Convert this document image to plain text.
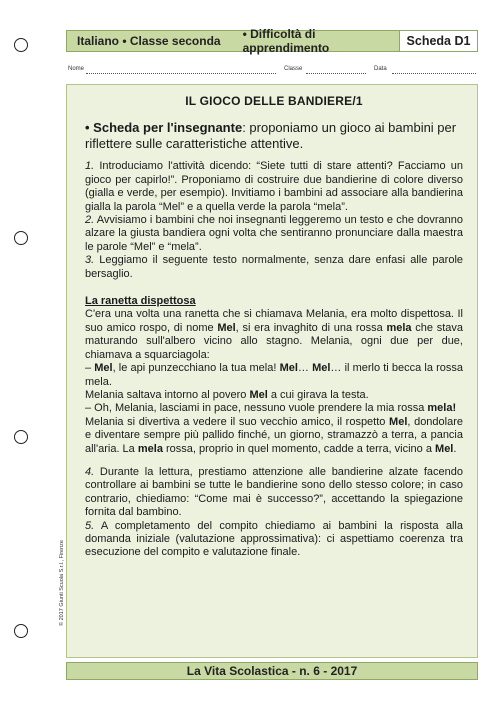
Italiano • Classe seconda	• Difficoltà di apprendimento	Scheda D1
Nome	Classe	Data
IL GIOCO DELLE BANDIERE/1
• Scheda per l'insegnante: proponiamo un gioco ai bambini per riflettere sulle caratteristiche attentive.
1. Introduciamo l'attività dicendo: “Siete tutti di stare attenti? Facciamo un gioco per capirlo!”. Proponiamo di costruire due bandierine di colore diverso (gialla e verde, per esempio). Invitiamo i bambini ad associare alla bandierina gialla la parola “Mel” e a quella verde la parola “mela”.
2. Avvisiamo i bambini che noi insegnanti leggeremo un testo e che dovranno alzare la giusta bandiera ogni volta che sentiranno pronunciare dalla maestra le parole “Mel” e “mela”.
3. Leggiamo il seguente testo normalmente, senza dare enfasi alle parole bersaglio.
La ranetta dispettosa
C'era una volta una ranetta che si chiamava Melania, era molto dispettosa. Il suo amico rospo, di nome Mel, si era invaghito di una rossa mela che stava maturando sull'albero vicino allo stagno. Melania, ogni due per due, chiamava a squarciagola:
– Mel, le api punzecchiano la tua mela! Mel… Mel… il merlo ti becca la rossa mela.
Melania saltava intorno al povero Mel a cui girava la testa.
– Oh, Melania, lasciami in pace, nessuno vuole prendere la mia rossa mela!
Melania si divertiva a vedere il suo vecchio amico, il rospetto Mel, dondolare e diventare sempre più pallido finché, un giorno, stramazzò a terra, a pancia all'aria. La mela rossa, proprio in quel momento, cadde a terra, vicino a Mel.
4. Durante la lettura, prestiamo attenzione alle bandierine alzate facendo controllare ai bambini se tutte le bandierine sono dello stesso colore; in caso contrario, chiediamo: “Come mai è successo?”, accettando la spiegazione fornita dal bambino.
5. A completamento del compito chiediamo ai bambini la risposta alla domanda iniziale (valutazione approssimativa): ci aspettiamo coerenza tra esecuzione del compito e valutazione finale.
© 2017 Giunti Scuola S.r.l., Firenze
La Vita Scolastica - n. 6 - 2017
